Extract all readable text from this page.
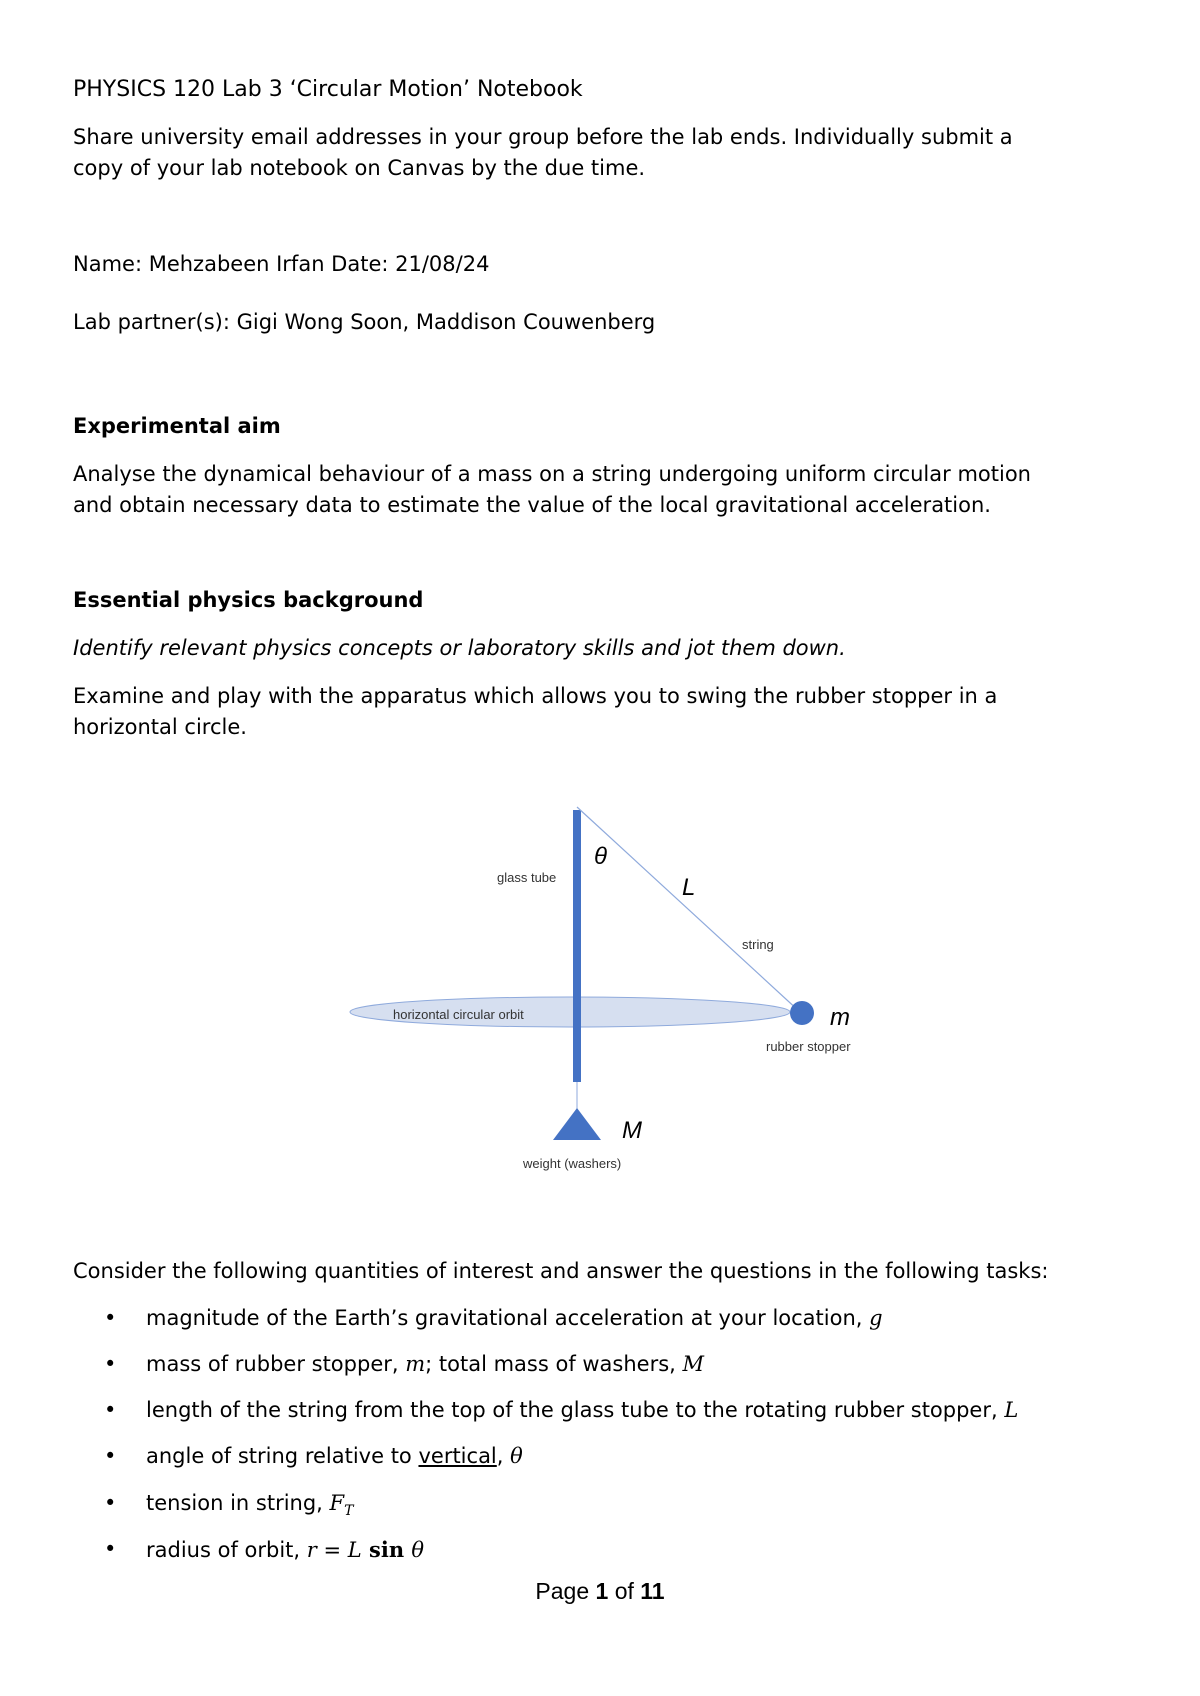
PHYSICS 120 Lab 3 ‘Circular Motion’ Notebook
Share university email addresses in your group before the lab ends. Individually submit a
copy of your lab notebook on Canvas by the due time.
Name: Mehzabeen Irfan Date: 21/08/24
Lab partner(s): Gigi Wong Soon, Maddison Couwenberg
Experimental aim
Analyse the dynamical behaviour of a mass on a string undergoing uniform circular motion
and obtain necessary data to estimate the value of the local gravitational acceleration.
Essential physics background
Identify relevant physics concepts or laboratory skills and jot them down.
Examine and play with the apparatus which allows you to swing the rubber stopper in a
horizontal circle.
θ
glass tube	L
string
horizontal circular orbit	m
rubber stopper
M
weight (washers)
Consider the following quantities of interest and answer the questions in the following tasks:
• magnitude of the Earth’s gravitational acceleration at your location, g
• mass of rubber stopper, m; total mass of washers, M
• length of the string from the top of the glass tube to the rotating rubber stopper, L
• angle of string relative to vertical, θ
• tension in string, $F_T$
• radius of orbit, r = L sin θ
Page 1 of 11
